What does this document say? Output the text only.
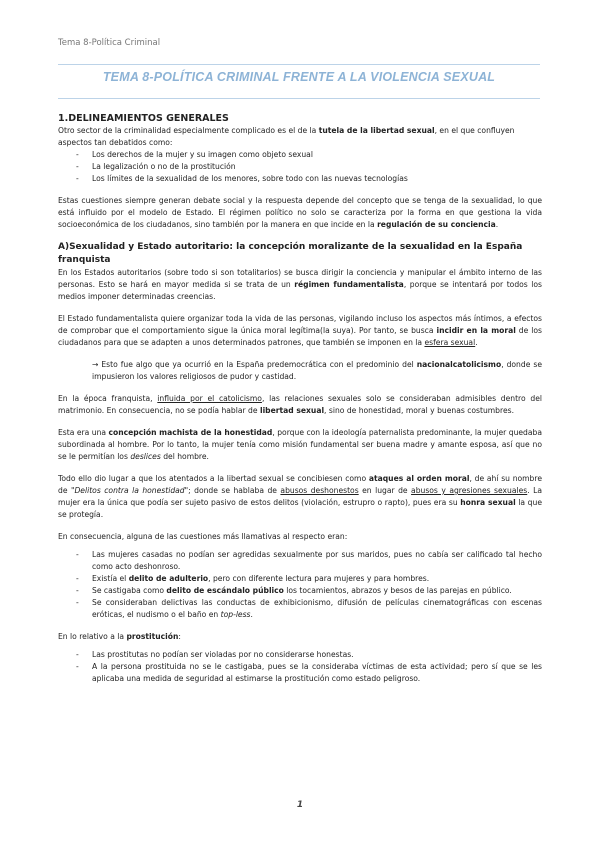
Tema 8-Política Criminal
TEMA 8-POLÍTICA CRIMINAL FRENTE A LA VIOLENCIA SEXUAL

1.DELINEAMIENTOS GENERALES

Otro sector de la criminalidad especialmente complicado es el de la tutela de la libertad sexual, en el que confluyen aspectos tan debatidos como:

- Los derechos de la mujer y su imagen como objeto sexual
- La legalización o no de la prostitución
- Los límites de la sexualidad de los menores, sobre todo con las nuevas tecnologías

Estas cuestiones siempre generan debate social y la respuesta depende del concepto que se tenga de la sexualidad, lo que está influido por el modelo de Estado. El régimen político no solo se caracteriza por la forma en que gestiona la vida socioeconómica de los ciudadanos, sino también por la manera en que incide en la regulación de su conciencia.

A)Sexualidad y Estado autoritario: la concepción moralizante de la sexualidad en la España franquista

En los Estados autoritarios (sobre todo si son totalitarios) se busca dirigir la conciencia y manipular el ámbito interno de las personas. Esto se hará en mayor medida si se trata de un régimen fundamentalista, porque se intentará por todos los medios imponer determinadas creencias.

El Estado fundamentalista quiere organizar toda la vida de las personas, vigilando incluso los aspectos más íntimos, a efectos de comprobar que el comportamiento sigue la única moral legítima(la suya). Por tanto, se busca incidir en la moral de los ciudadanos para que se adapten a unos determinados patrones, que también se imponen en la esfera sexual.

→ Esto fue algo que ya ocurrió en la España predemocrática con el predominio del nacionalcatolicismo, donde se impusieron los valores religiosos de pudor y castidad.

En la época franquista, influida por el catolicismo, las relaciones sexuales solo se consideraban admisibles dentro del matrimonio. En consecuencia, no se podía hablar de libertad sexual, sino de honestidad, moral y buenas costumbres.

Esta era una concepción machista de la honestidad, porque con la ideología paternalista predominante, la mujer quedaba subordinada al hombre. Por lo tanto, la mujer tenía como misión fundamental ser buena madre y amante esposa, así que no se le permitían los deslices del hombre.

Todo ello dio lugar a que los atentados a la libertad sexual se concibiesen como ataques al orden moral, de ahí su nombre de "Delitos contra la honestidad"; donde se hablaba de abusos deshonestos en lugar de abusos y agresiones sexuales. La mujer era la única que podía ser sujeto pasivo de estos delitos (violación, estrupro o rapto), pues era su honra sexual la que se protegía.

En consecuencia, alguna de las cuestiones más llamativas al respecto eran:

- Las mujeres casadas no podían ser agredidas sexualmente por sus maridos, pues no cabía ser calificado tal hecho como acto deshonroso.
- Existía el delito de adulterio, pero con diferente lectura para mujeres y para hombres.
- Se castigaba como delito de escándalo público los tocamientos, abrazos y besos de las parejas en público.
- Se consideraban delictivas las conductas de exhibicionismo, difusión de películas cinematográficas con escenas eróticas, el nudismo o el baño en top-less.

En lo relativo a la prostitución:

- Las prostitutas no podían ser violadas por no considerarse honestas.
- A la persona prostituida no se le castigaba, pues se la consideraba víctimas de esta actividad; pero sí que se les aplicaba una medida de seguridad al estimarse la prostitución como estado peligroso.
1
